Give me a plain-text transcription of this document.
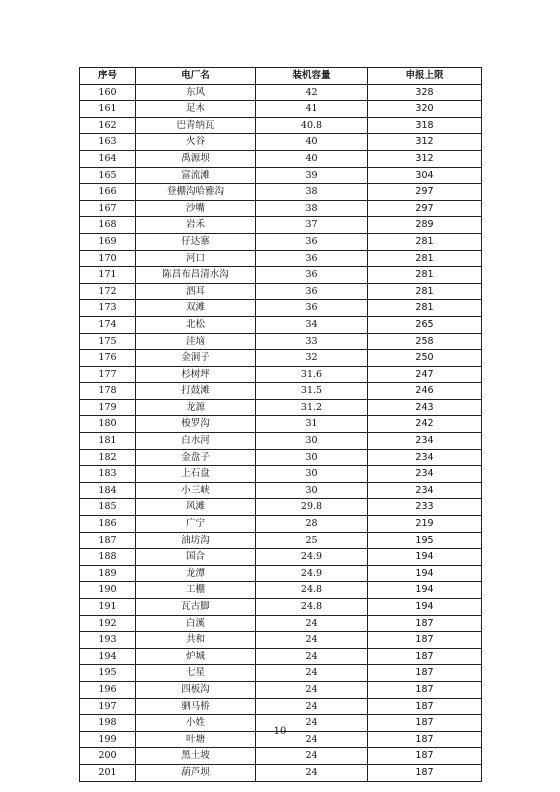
序号	电厂名	装机容量	申报上限
160	东风	42	328
161	足木	41	320
162	巴青纳瓦	40.8	318
163	火谷	40	312
164	禹源坝	40	312
165	富流滩	39	304
166	登棚沟哈雅沟	38	297
167	沙嘴	38	297
168	岩禾	37	289
169	仔达寨	36	281
170	河口	36	281
171	陈昌布昌清水沟	36	281
172	泗耳	36	281
173	双滩	36	281
174	北松	34	265
175	洼垴	33	258
176	金洞子	32	250
177	杉树坪	31.6	247
178	打鼓滩	31.5	246
179	龙源	31.2	243
180	梭罗沟	31	242
181	白水河	30	234
182	金盘子	30	234
183	上石盘	30	234
184	小三峡	30	234
185	风滩	29.8	233
186	广宁	28	219
187	油坊沟	25	195
188	国合	24.9	194
189	龙潭	24.9	194
190	工棚	24.8	194
191	瓦古脚	24.8	194
192	白溪	24	187
193	共和	24	187
194	炉城	24	187
195	七星	24	187
196	四板沟	24	187
197	驷马桥	24	187
198	小姓	24	187
199	叶塘	24	187
200	黑土坡	24	187
201	葫芦坝	24	187
10
